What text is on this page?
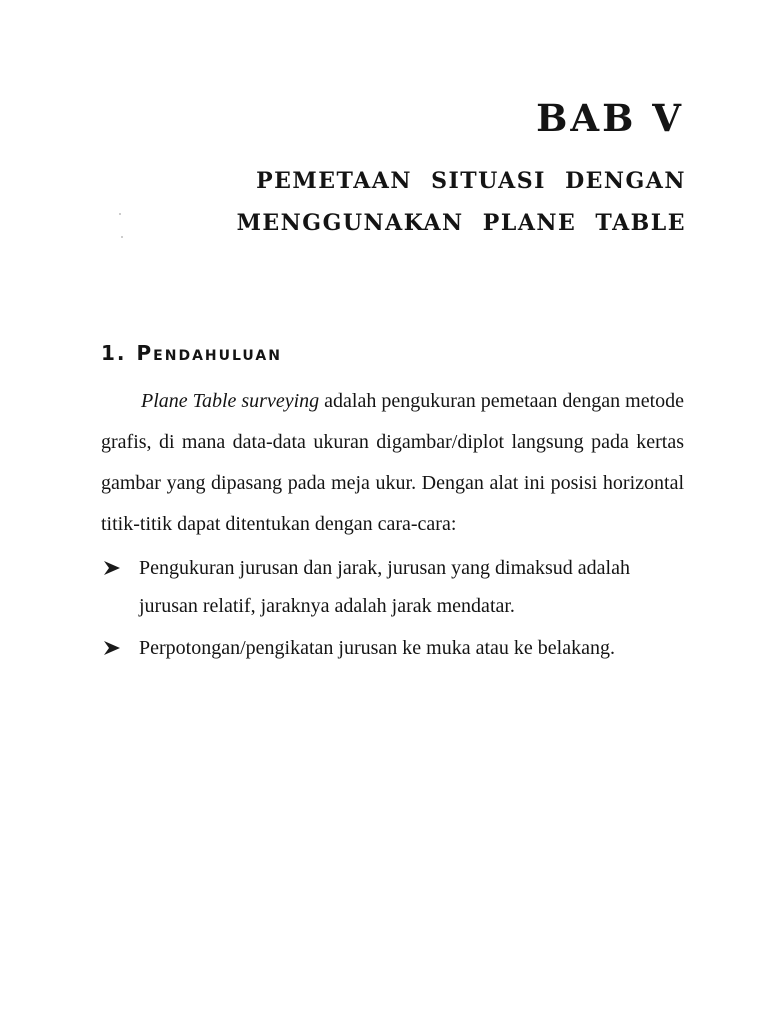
BAB V
PEMETAAN SITUASI DENGAN
MENGGUNAKAN PLANE TABLE
1. Pendahuluan

Plane Table surveying adalah pengukuran pemetaan dengan metode grafis, di mana data-data ukuran digambar/diplot langsung pada kertas gambar yang dipasang pada meja ukur. Dengan alat ini posisi horizontal titik-titik dapat ditentukan dengan cara-cara:

Pengukuran jurusan dan jarak, jurusan yang dimaksud adalah jurusan relatif, jaraknya adalah jarak mendatar.
Perpotongan/pengikatan jurusan ke muka atau ke belakang.
